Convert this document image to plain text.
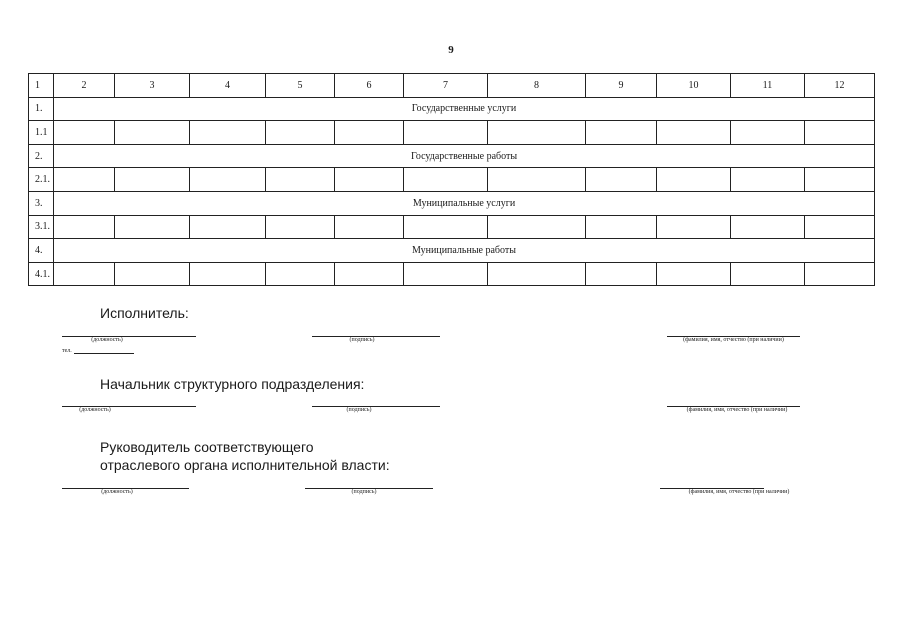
9
1	2	3	4	5	6	7	8	9	10	11	12
1.	Государственные услуги										
1.1											
2.	Государственные работы										
2.1.											
3.	Муниципальные услуги										
3.1.											
4.	Муниципальные работы										
4.1.											
Исполнитель:
(должность)	(подпись)	(фамилия, имя, отчество (при наличии)
тел.
Начальник структурного подразделения:
(должность)	(подпись)	(фамилия, имя, отчество (при наличии)
Руководитель соответствующего
отраслевого органа исполнительной власти:
(должность)	(подпись)	(фамилия, имя, отчество (при наличии)
